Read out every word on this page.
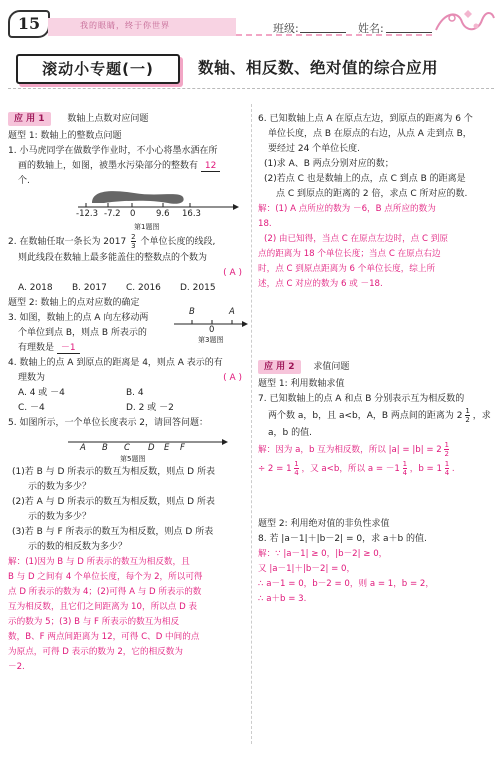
15	我的眼睛，终于你世界	班级:	姓名:
滚动小专题(一)	数轴、相反数、绝对值的综合应用
应 用 1	数轴上点数对应问题
题型 1: 数轴上的整数点问题
1. 小马虎同学在做数学作业时，不小心将墨水洒在所
画的数轴上，如图，被墨水污染部分的整数有 12
个.
-12.3 -7.2 0 9.6 16.3
第1题图
2. 在数轴任取一条长为 $2017 \frac{2}{3}$ 个单位长度的线段,
则此线段在数轴上最多能盖住的整数点的个数为
( A )
A. 2018 B. 2017 C. 2016 D. 2015
题型 2: 数轴上的点对应数的确定
3. 如图，数轴上的点 A 向左移动两
个单位到点 B，则点 B 所表示的
有理数是 －1
B	A
0
第3题图
4. 数轴上的点 A 到原点的距离是 4，则点 A 表示的有
理数为	( A )
A. 4 或 －4	B. 4
C. －4	D. 2 或 －2
5. 如图所示，一个单位长度表示 2，请回答问题：
A B C D E F
第5题图
(1)若 B 与 D 所表示的数互为相反数，则点 D 所表
示的数为多少？
(2)若 A 与 D 所表示的数互为相反数，则点 D 所表
示的数为多少？
(3)若 B 与 F 所表示的数互为相反数，则点 D 所表
示的数的相反数为多少？
解：(1)因为 B 与 D 所表示的数互为相反数，且
B 与 D 之间有 4 个单位长度，每个为 2，所以可得
点 D 所表示的数为 4；(2)可得 A 与 D 所表示的数
互为相反数，且它们之间距离为 10，所以点 D 表
示的数为 5；(3) B 与 F 所表示的数互为相反
数，B、F 两点间距离为 12，可得 C、D 中间的点
为原点，可得 D 表示的数为 2，它的相反数为
－2.
6. 已知数轴上点 A 在原点左边，到原点的距离为 6 个
单位长度，点 B 在原点的右边，从点 A 走到点 B，
要经过 24 个单位长度.
(1)求 A、B 两点分别对应的数；
(2)若点 C 也是数轴上的点，点 C 到点 B 的距离是
点 C 到原点的距离的 2 倍，求点 C 所对应的数.
解：(1) A 点所应的数为 －6，B 点所应的数为
18.
(2) 由已知得，当点 C 在原点左边时，点 C 到原
点的距离为 18 个单位长度；当点 C 在原点右边
时，点 C 到原点距离为 6 个单位长度，综上所
述，点 C 对应的数为 6 或 －18.
应 用 2 求值问题
题型 1: 利用数轴求值
7. 已知数轴上的点 A 和点 B 分别表示互为相反数的
两个数 a，b，且 a<b，A，B 两点间的距离为 $2 \frac{1}{2}$ ，求
a，b 的值.
解：因为 a，b 互为相反数，所以 $|a| = |b| = 2 \frac{1}{2}$
÷ $2 = 1 \frac{1}{4}$ ，又 a<b，所以 $a = -1 \frac{1}{4}$ ，$b = 1 \frac{1}{4}$ .
题型 2: 利用绝对值的非负性求值
8. 若 |a－1|＋|b－2| = 0，求 a＋b 的值.
解：∵ |a－1| ≥ 0，|b－2| ≥ 0，
又 |a－1|＋|b－2| = 0，
∴ a－1 = 0，b－2 = 0，则 a = 1，b = 2，
∴ a＋b = 3.
